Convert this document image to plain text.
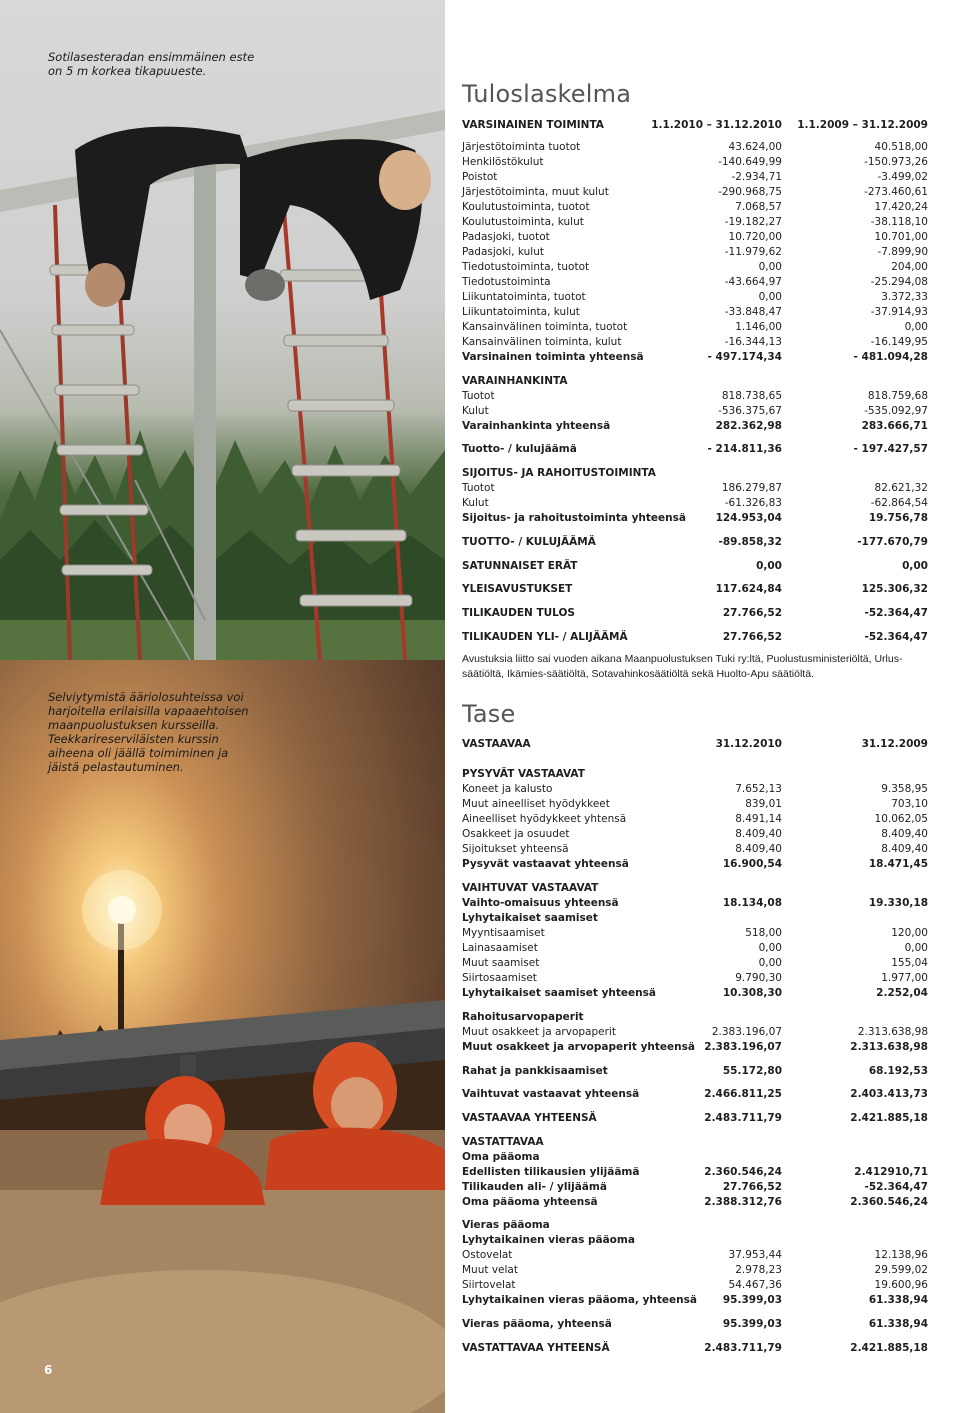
Sotilasesteradan ensimmäinen este on 5 m korkea tikapuueste.
Selviytymistä ääriolosuhteissa voi harjoitella erilaisilla vapaaehtoisen maanpuolustuksen kursseilla. Teekkarireserviläisten kurssin aiheena oli jäällä toimiminen ja jäistä pelastautuminen.
6
Tuloslaskelma
VARSINAINEN TOIMINTA	1.1.2010 – 31.12.2010 1.1.2009 – 31.12.2009
Järjestötoiminta tuotot	43.624,00	40.518,00
Henkilöstökulut	-140.649,99	-150.973,26
Poistot	-2.934,71	-3.499,02
Järjestötoiminta, muut kulut	-290.968,75	-273.460,61
Koulutustoiminta, tuotot	7.068,57	17.420,24
Koulutustoiminta, kulut	-19.182,27	-38.118,10
Padasjoki, tuotot	10.720,00	10.701,00
Padasjoki, kulut	-11.979,62	-7.899,90
Tiedotustoiminta, tuotot	0,00	204,00
Tiedotustoiminta	-43.664,97	-25.294,08
Liikuntatoiminta, tuotot	0,00	3.372,33
Liikuntatoiminta, kulut	-33.848,47	-37.914,93
Kansainvälinen toiminta, tuotot	1.146,00	0,00
Kansainvälinen toiminta, kulut	-16.344,13	-16.149,95
Varsinainen toiminta yhteensä	- 497.174,34	- 481.094,28
VARAINHANKINTA
Tuotot	818.738,65	818.759,68
Kulut	-536.375,67	-535.092,97
Varainhankinta yhteensä	282.362,98	283.666,71
Tuotto- / kulujäämä	- 214.811,36	- 197.427,57
SIJOITUS- JA RAHOITUSTOIMINTA
Tuotot	186.279,87	82.621,32
Kulut	-61.326,83	-62.864,54
Sijoitus- ja rahoitustoiminta yhteensä	124.953,04	19.756,78
TUOTTO- / KULUJÄÄMÄ	-89.858,32	-177.670,79
SATUNNAISET ERÄT	0,00	0,00
YLEISAVUSTUKSET	117.624,84	125.306,32
TILIKAUDEN TULOS	27.766,52	-52.364,47
TILIKAUDEN YLI- / ALIJÄÄMÄ	27.766,52	-52.364,47
Avustuksia liitto sai vuoden aikana Maanpuolustuksen Tuki ry:ltä, Puolustusministeriöltä, Urlus-säätiöltä, Ikämies-säätiöltä, Sotavahinkosäätiöltä sekä Huolto-Apu säätiöltä.
Tase
VASTAAVAA	31.12.2010	31.12.2009
PYSYVÄT VASTAAVAT
Koneet ja kalusto	7.652,13	9.358,95
Muut aineelliset hyödykkeet	839,01	703,10
Aineelliset hyödykkeet yhtensä	8.491,14	10.062,05
Osakkeet ja osuudet	8.409,40	8.409,40
Sijoitukset yhteensä	8.409,40	8.409,40
Pysyvät vastaavat yhteensä	16.900,54	18.471,45
VAIHTUVAT VASTAAVAT
Vaihto-omaisuus yhteensä	18.134,08	19.330,18
Lyhytaikaiset saamiset
Myyntisaamiset	518,00	120,00
Lainasaamiset	0,00	0,00
Muut saamiset	0,00	155,04
Siirtosaamiset	9.790,30	1.977,00
Lyhytaikaiset saamiset yhteensä	10.308,30	2.252,04
Rahoitusarvopaperit
Muut osakkeet ja arvopaperit	2.383.196,07	2.313.638,98
Muut osakkeet ja arvopaperit yhteensä 2.383.196,07	2.313.638,98
Rahat ja pankkisaamiset	55.172,80	68.192,53
Vaihtuvat vastaavat yhteensä	2.466.811,25	2.403.413,73
VASTAAVAA YHTEENSÄ	2.483.711,79	2.421.885,18
VASTATTAVAA
Oma pääoma
Edellisten tilikausien ylijäämä	2.360.546,24	2.412910,71
Tilikauden ali- / ylijäämä	27.766,52	-52.364,47
Oma pääoma yhteensä	2.388.312,76	2.360.546,24
Vieras pääoma
Lyhytaikainen vieras pääoma
Ostovelat	37.953,44	12.138,96
Muut velat	2.978,23	29.599,02
Siirtovelat	54.467,36	19.600,96
Lyhytaikainen vieras pääoma, yhteensä 95.399,03	61.338,94
Vieras pääoma, yhteensä	95.399,03	61.338,94
VASTATTAVAA YHTEENSÄ	2.483.711,79	2.421.885,18
